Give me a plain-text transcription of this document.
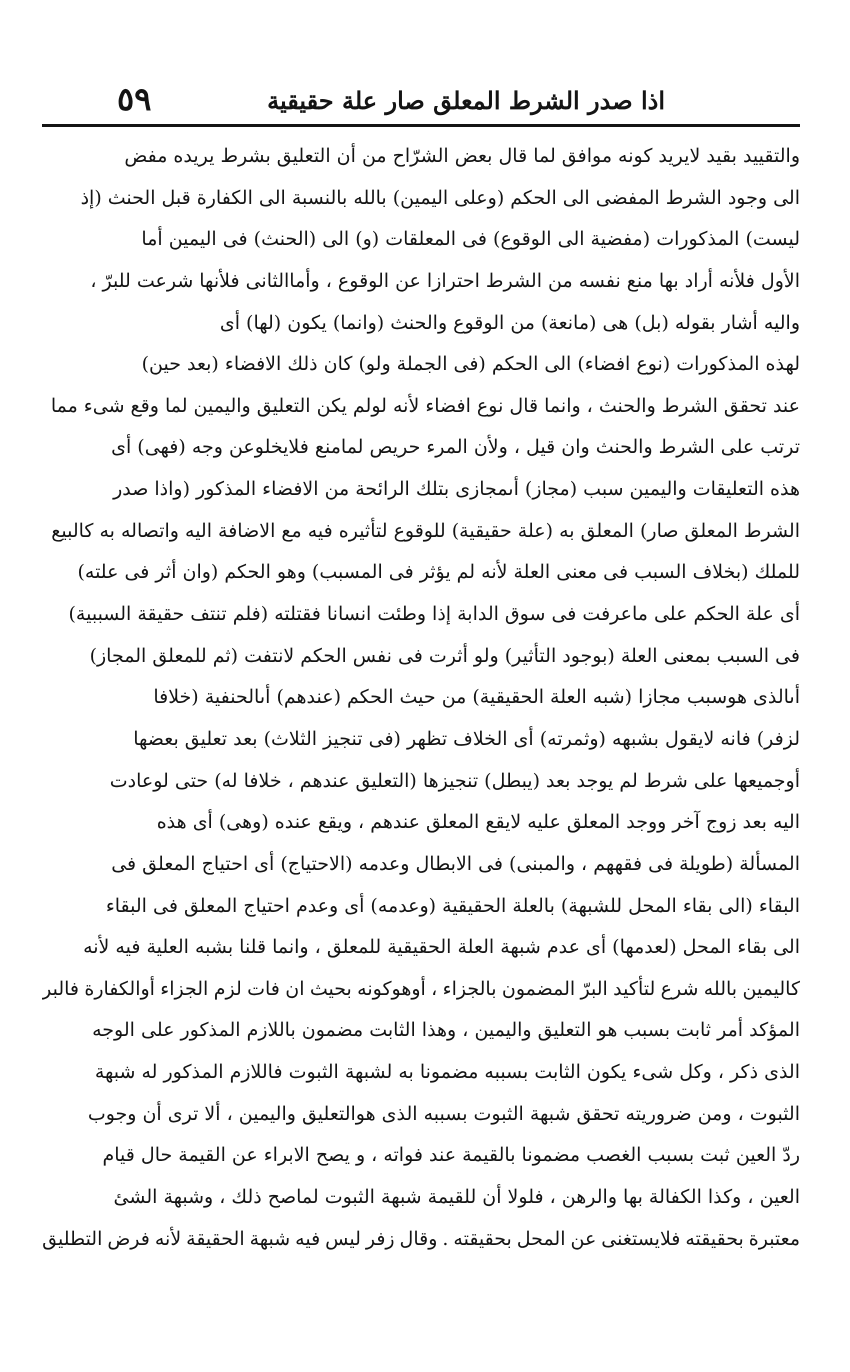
اذا صدر الشرط المعلق صار علة حقيقية
٥٩
والتقييد بقيد لايريد كونه موافق لما قال بعض الشرّاح من أن التعليق بشرط يريده مفض
الى وجود الشرط المفضى الى الحكم (وعلى اليمين) بالله بالنسبة الى الكفارة قبل الحنث (إذ
ليست) المذكورات (مفضية الى الوقوع) فى المعلقات (و) الى (الحنث) فى اليمين أما
الأول فلأنه أراد بها منع نفسه من الشرط احترازا عن الوقوع ، وأماالثانى فلأنها شرعت للبرّ ،
واليه أشار بقوله (بل) هى (مانعة) من الوقوع والحنث (وانما) يكون (لها) أى
لهذه المذكورات (نوع افضاء) الى الحكم (فى الجملة ولو) كان ذلك الافضاء (بعد حين)
عند تحقق الشرط والحنث ، وانما قال نوع افضاء لأنه لولم يكن التعليق واليمين لما وقع شىء مما
ترتب على الشرط والحنث وان قيل ، ولأن المرء حريص لمامنع فلايخلوعن وجه (فهى) أى
هذه التعليقات واليمين سبب (مجاز) أىمجازى بتلك الرائحة من الافضاء المذكور (واذا صدر
الشرط المعلق صار) المعلق به (علة حقيقية) للوقوع لتأثيره فيه مع الاضافة اليه واتصاله به كالبيع
للملك (بخلاف السبب فى معنى العلة لأنه لم يؤثر فى المسبب) وهو الحكم (وان أثر فى علته)
أى علة الحكم على ماعرفت فى سوق الدابة إذا وطئت انسانا فقتلته (فلم تنتف حقيقة السببية)
فى السبب بمعنى العلة (بوجود التأثير) ولو أثرت فى نفس الحكم لانتفت (ثم للمعلق المجاز)
أىالذى هوسبب مجازا (شبه العلة الحقيقية) من حيث الحكم (عندهم) أىالحنفية (خلافا
لزفر) فانه لايقول بشبهه (وثمرته) أى الخلاف تظهر (فى تنجيز الثلاث) بعد تعليق بعضها
أوجميعها على شرط لم يوجد بعد (يبطل) تنجيزها (التعليق عندهم ، خلافا له) حتى لوعادت
اليه بعد زوج آخر ووجد المعلق عليه لايقع المعلق عندهم ، ويقع عنده (وهى) أى هذه
المسألة (طويلة فى فقههم ، والمبنى) فى الابطال وعدمه (الاحتياج) أى احتياج المعلق فى
البقاء (الى بقاء المحل للشبهة) بالعلة الحقيقية (وعدمه) أى وعدم احتياج المعلق فى البقاء
الى بقاء المحل (لعدمها) أى عدم شبهة العلة الحقيقية للمعلق ، وانما قلنا بشبه العلية فيه لأنه
كاليمين بالله شرع لتأكيد البرّ المضمون بالجزاء ، أوهوكونه بحيث ان فات لزم الجزاء أوالكفارة فالبر
المؤكد أمر ثابت بسبب هو التعليق واليمين ، وهذا الثابت مضمون باللازم المذكور على الوجه
الذى ذكر ، وكل شىء يكون الثابت بسببه مضمونا به لشبهة الثبوت فاللازم المذكور له شبهة
الثبوت ، ومن ضروريته تحقق شبهة الثبوت بسببه الذى هوالتعليق واليمين ، ألا ترى أن وجوب
ردّ العين ثبت بسبب الغصب مضمونا بالقيمة عند فواته ، و يصح الابراء عن القيمة حال قيام
العين ، وكذا الكفالة بها والرهن ، فلولا أن للقيمة شبهة الثبوت لماصح ذلك ، وشبهة الشئ
معتبرة بحقيقته فلايستغنى عن المحل بحقيقته . وقال زفر ليس فيه شبهة الحقيقة لأنه فرض التطليق
